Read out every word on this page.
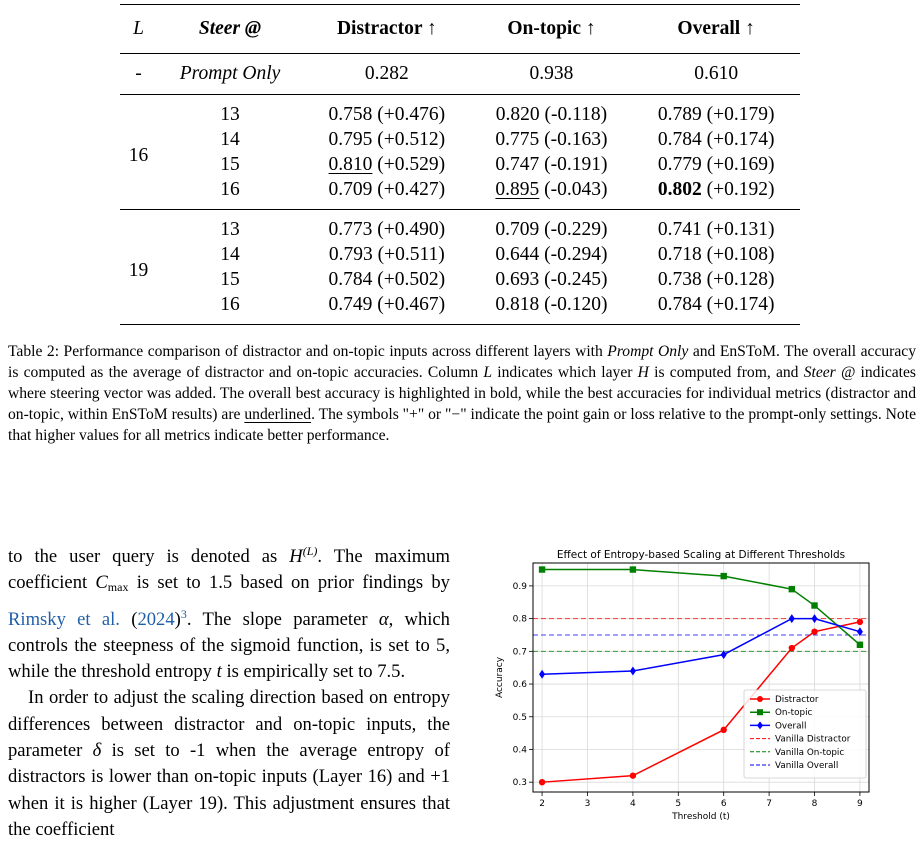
L	Steer @	Distractor ↑	On-topic ↑	Overall ↑
-	Prompt Only	0.282	0.938	0.610
16	13	0.758 (+0.476)	0.820 (-0.118)	0.789 (+0.179)
	14	0.795 (+0.512)	0.775 (-0.163)	0.784 (+0.174)
	15	0.810 (+0.529)	0.747 (-0.191)	0.779 (+0.169)
	16	0.709 (+0.427)	0.895 (-0.043)	0.802 (+0.192)
19	13	0.773 (+0.490)	0.709 (-0.229)	0.741 (+0.131)
	14	0.793 (+0.511)	0.644 (-0.294)	0.718 (+0.108)
	15	0.784 (+0.502)	0.693 (-0.245)	0.738 (+0.128)
	16	0.749 (+0.467)	0.818 (-0.120)	0.784 (+0.174)
Table 2: Performance comparison of distractor and on-topic inputs across different layers with Prompt Only and EnSToM. The overall accuracy is computed as the average of distractor and on-topic accuracies. Column L indicates which layer H is computed from, and Steer @ indicates where steering vector was added. The overall best accuracy is highlighted in bold, while the best accuracies for individual metrics (distractor and on-topic, within EnSToM results) are underlined. The symbols "+" or "−" indicate the point gain or loss relative to the prompt-only settings. Note that higher values for all metrics indicate better performance.

to the user query is denoted as $H^{(L)}$. The maximum coefficient $C_{max}$ is set to 1.5 based on prior findings by Rimsky et al. (2024)$^3$. The slope parameter α, which controls the steepness of the sigmoid function, is set to 5, while the threshold entropy t is empirically set to 7.5.

In order to adjust the scaling direction based on entropy differences between distractor and on-topic inputs, the parameter δ is set to -1 when the average entropy of distractors is lower than on-topic inputs (Layer 16) and +1 when it is higher (Layer 19). This adjustment ensures that the coefficient

2	3	4	5	6	7	8	9
0.3
0.4
0.5
0.6
0.7
0.8
0.9
Effect of Entropy-based Scaling at Different Thresholds
Threshold (t)
Accuracy
Distractor
On-topic
Overall
Vanilla Distractor
Vanilla On-topic
Vanilla Overall
